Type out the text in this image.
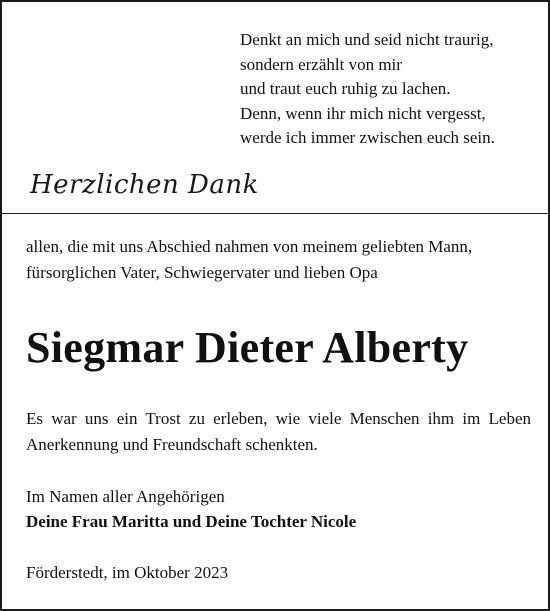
Denkt an mich und seid nicht traurig,
sondern erzählt von mir
und traut euch ruhig zu lachen.
Denn, wenn ihr mich nicht vergesst,
werde ich immer zwischen euch sein.
Herzlichen Dank
allen, die mit uns Abschied nahmen von meinem geliebten Mann,
fürsorglichen Vater, Schwiegervater und lieben Opa
Siegmar Dieter Alberty
Es war uns ein Trost zu erleben, wie viele Menschen ihm im Leben Anerkennung und Freundschaft schenkten.
Im Namen aller Angehörigen
Deine Frau Maritta und Deine Tochter Nicole
Förderstedt, im Oktober 2023
